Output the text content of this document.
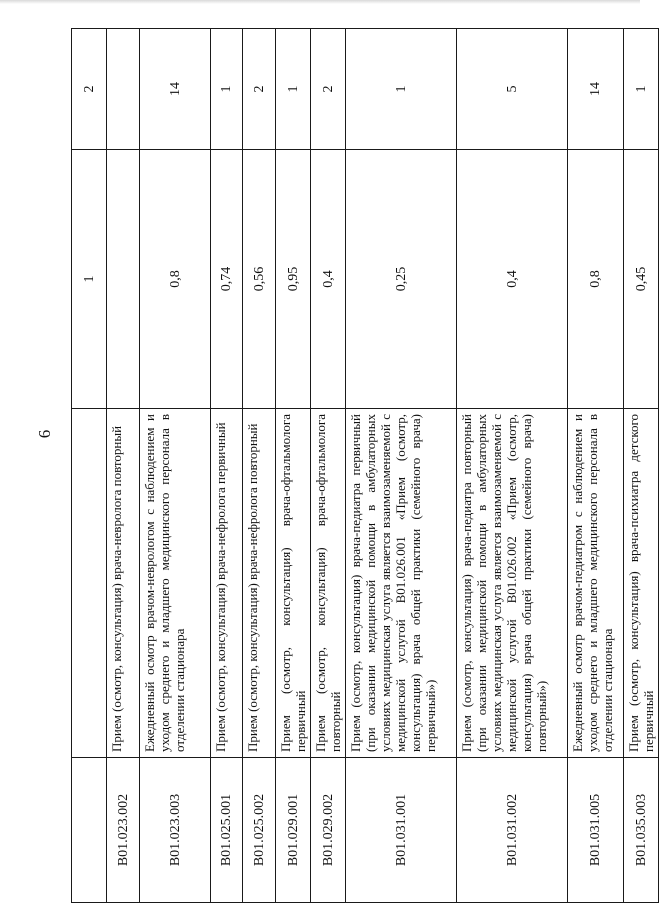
6
		1	2
B01.023.002	Прием (осмотр, консультация) врача-невролога повторный		
B01.023.003	Ежедневный осмотр врачом-неврологом с наблюдением и уходом среднего и младшего медицинского персонала в отделении стационара	0,8	14
B01.025.001	Прием (осмотр, консультация) врача-нефролога первичный	0,74	1
B01.025.002	Прием (осмотр, консультация) врача-нефролога повторный	0,56	2
B01.029.001	Прием (осмотр, консультация) врача-офтальмолога первичный	0,95	1
B01.029.002	Прием (осмотр, консультация) врача-офтальмолога повторный	0,4	2
B01.031.001	Прием (осмотр, консультация) врача-педиатра первичный (при оказании медицинской помощи в амбулаторных условиях медицинская услуга является взаимозаменяемой с медицинской услугой B01.026.001 «Прием (осмотр, консультация) врача общей практики (семейного врача) первичный»)	0,25	1
B01.031.002	Прием (осмотр, консультация) врача-педиатра повторный (при оказании медицинской помощи в амбулаторных условиях медицинская услуга является взаимозаменяемой с медицинской услугой B01.026.002 «Прием (осмотр, консультация) врача общей практики (семейного врача) повторный»)	0,4	5
B01.031.005	Ежедневный осмотр врачом-педиатром с наблюдением и уходом среднего и младшего медицинского персонала в отделении стационара	0,8	14
B01.035.003	Прием (осмотр, консультация) врача-психиатра детского первичный	0,45	1
